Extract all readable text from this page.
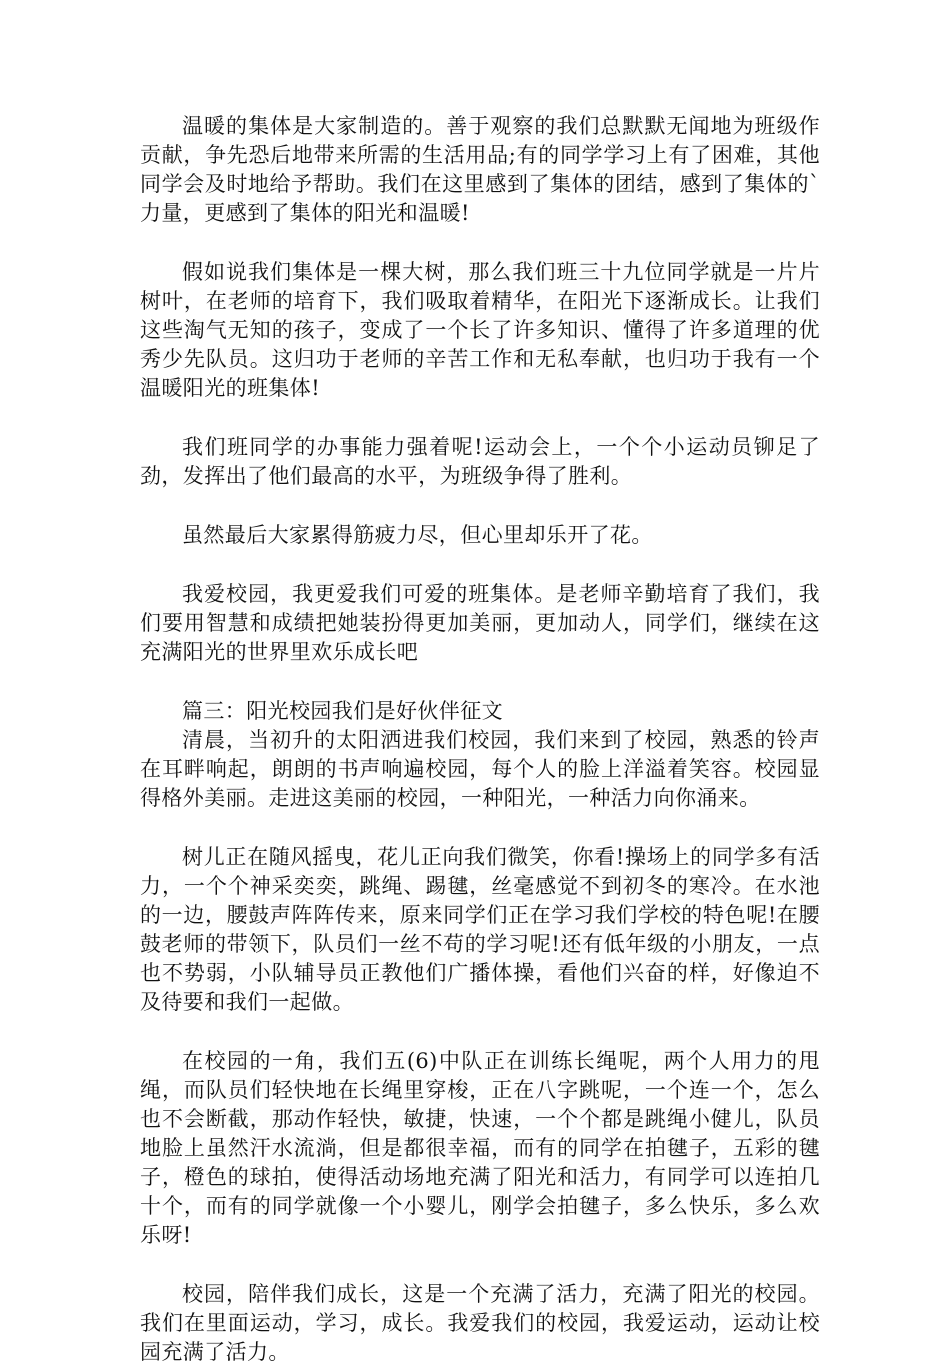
温暖的集体是大家制造的。善于观察的我们总默默无闻地为班级作贡献，争先恐后地带来所需的生活用品;有的同学学习上有了困难，其他同学会及时地给予帮助。我们在这里感到了集体的团结，感到了集体的`力量，更感到了集体的阳光和温暖!

假如说我们集体是一棵大树，那么我们班三十九位同学就是一片片树叶，在老师的培育下，我们吸取着精华，在阳光下逐渐成长。让我们这些淘气无知的孩子，变成了一个长了许多知识、懂得了许多道理的优秀少先队员。这归功于老师的辛苦工作和无私奉献，也归功于我有一个温暖阳光的班集体!

我们班同学的办事能力强着呢!运动会上，一个个小运动员铆足了劲，发挥出了他们最高的水平，为班级争得了胜利。

虽然最后大家累得筋疲力尽，但心里却乐开了花。

我爱校园，我更爱我们可爱的班集体。是老师辛勤培育了我们，我们要用智慧和成绩把她装扮得更加美丽，更加动人，同学们，继续在这充满阳光的世界里欢乐成长吧

篇三：阳光校园我们是好伙伴征文

清晨，当初升的太阳洒进我们校园，我们来到了校园，熟悉的铃声在耳畔响起，朗朗的书声响遍校园，每个人的脸上洋溢着笑容。校园显得格外美丽。走进这美丽的校园，一种阳光，一种活力向你涌来。

树儿正在随风摇曳，花儿正向我们微笑，你看!操场上的同学多有活力，一个个神采奕奕，跳绳、踢毽，丝毫感觉不到初冬的寒冷。在水池的一边，腰鼓声阵阵传来，原来同学们正在学习我们学校的特色呢!在腰鼓老师的带领下，队员们一丝不苟的学习呢!还有低年级的小朋友，一点也不势弱，小队辅导员正教他们广播体操，看他们兴奋的样，好像迫不及待要和我们一起做。

在校园的一角，我们五(6)中队正在训练长绳呢，两个人用力的甩绳，而队员们轻快地在长绳里穿梭，正在八字跳呢，一个连一个，怎么也不会断截，那动作轻快，敏捷，快速，一个个都是跳绳小健儿，队员地脸上虽然汗水流淌，但是都很幸福，而有的同学在拍毽子，五彩的毽子，橙色的球拍，使得活动场地充满了阳光和活力，有同学可以连拍几十个，而有的同学就像一个小婴儿，刚学会拍毽子，多么快乐，多么欢乐呀!

校园，陪伴我们成长，这是一个充满了活力，充满了阳光的校园。我们在里面运动，学习，成长。我爱我们的校园，我爱运动，运动让校园充满了活力。
